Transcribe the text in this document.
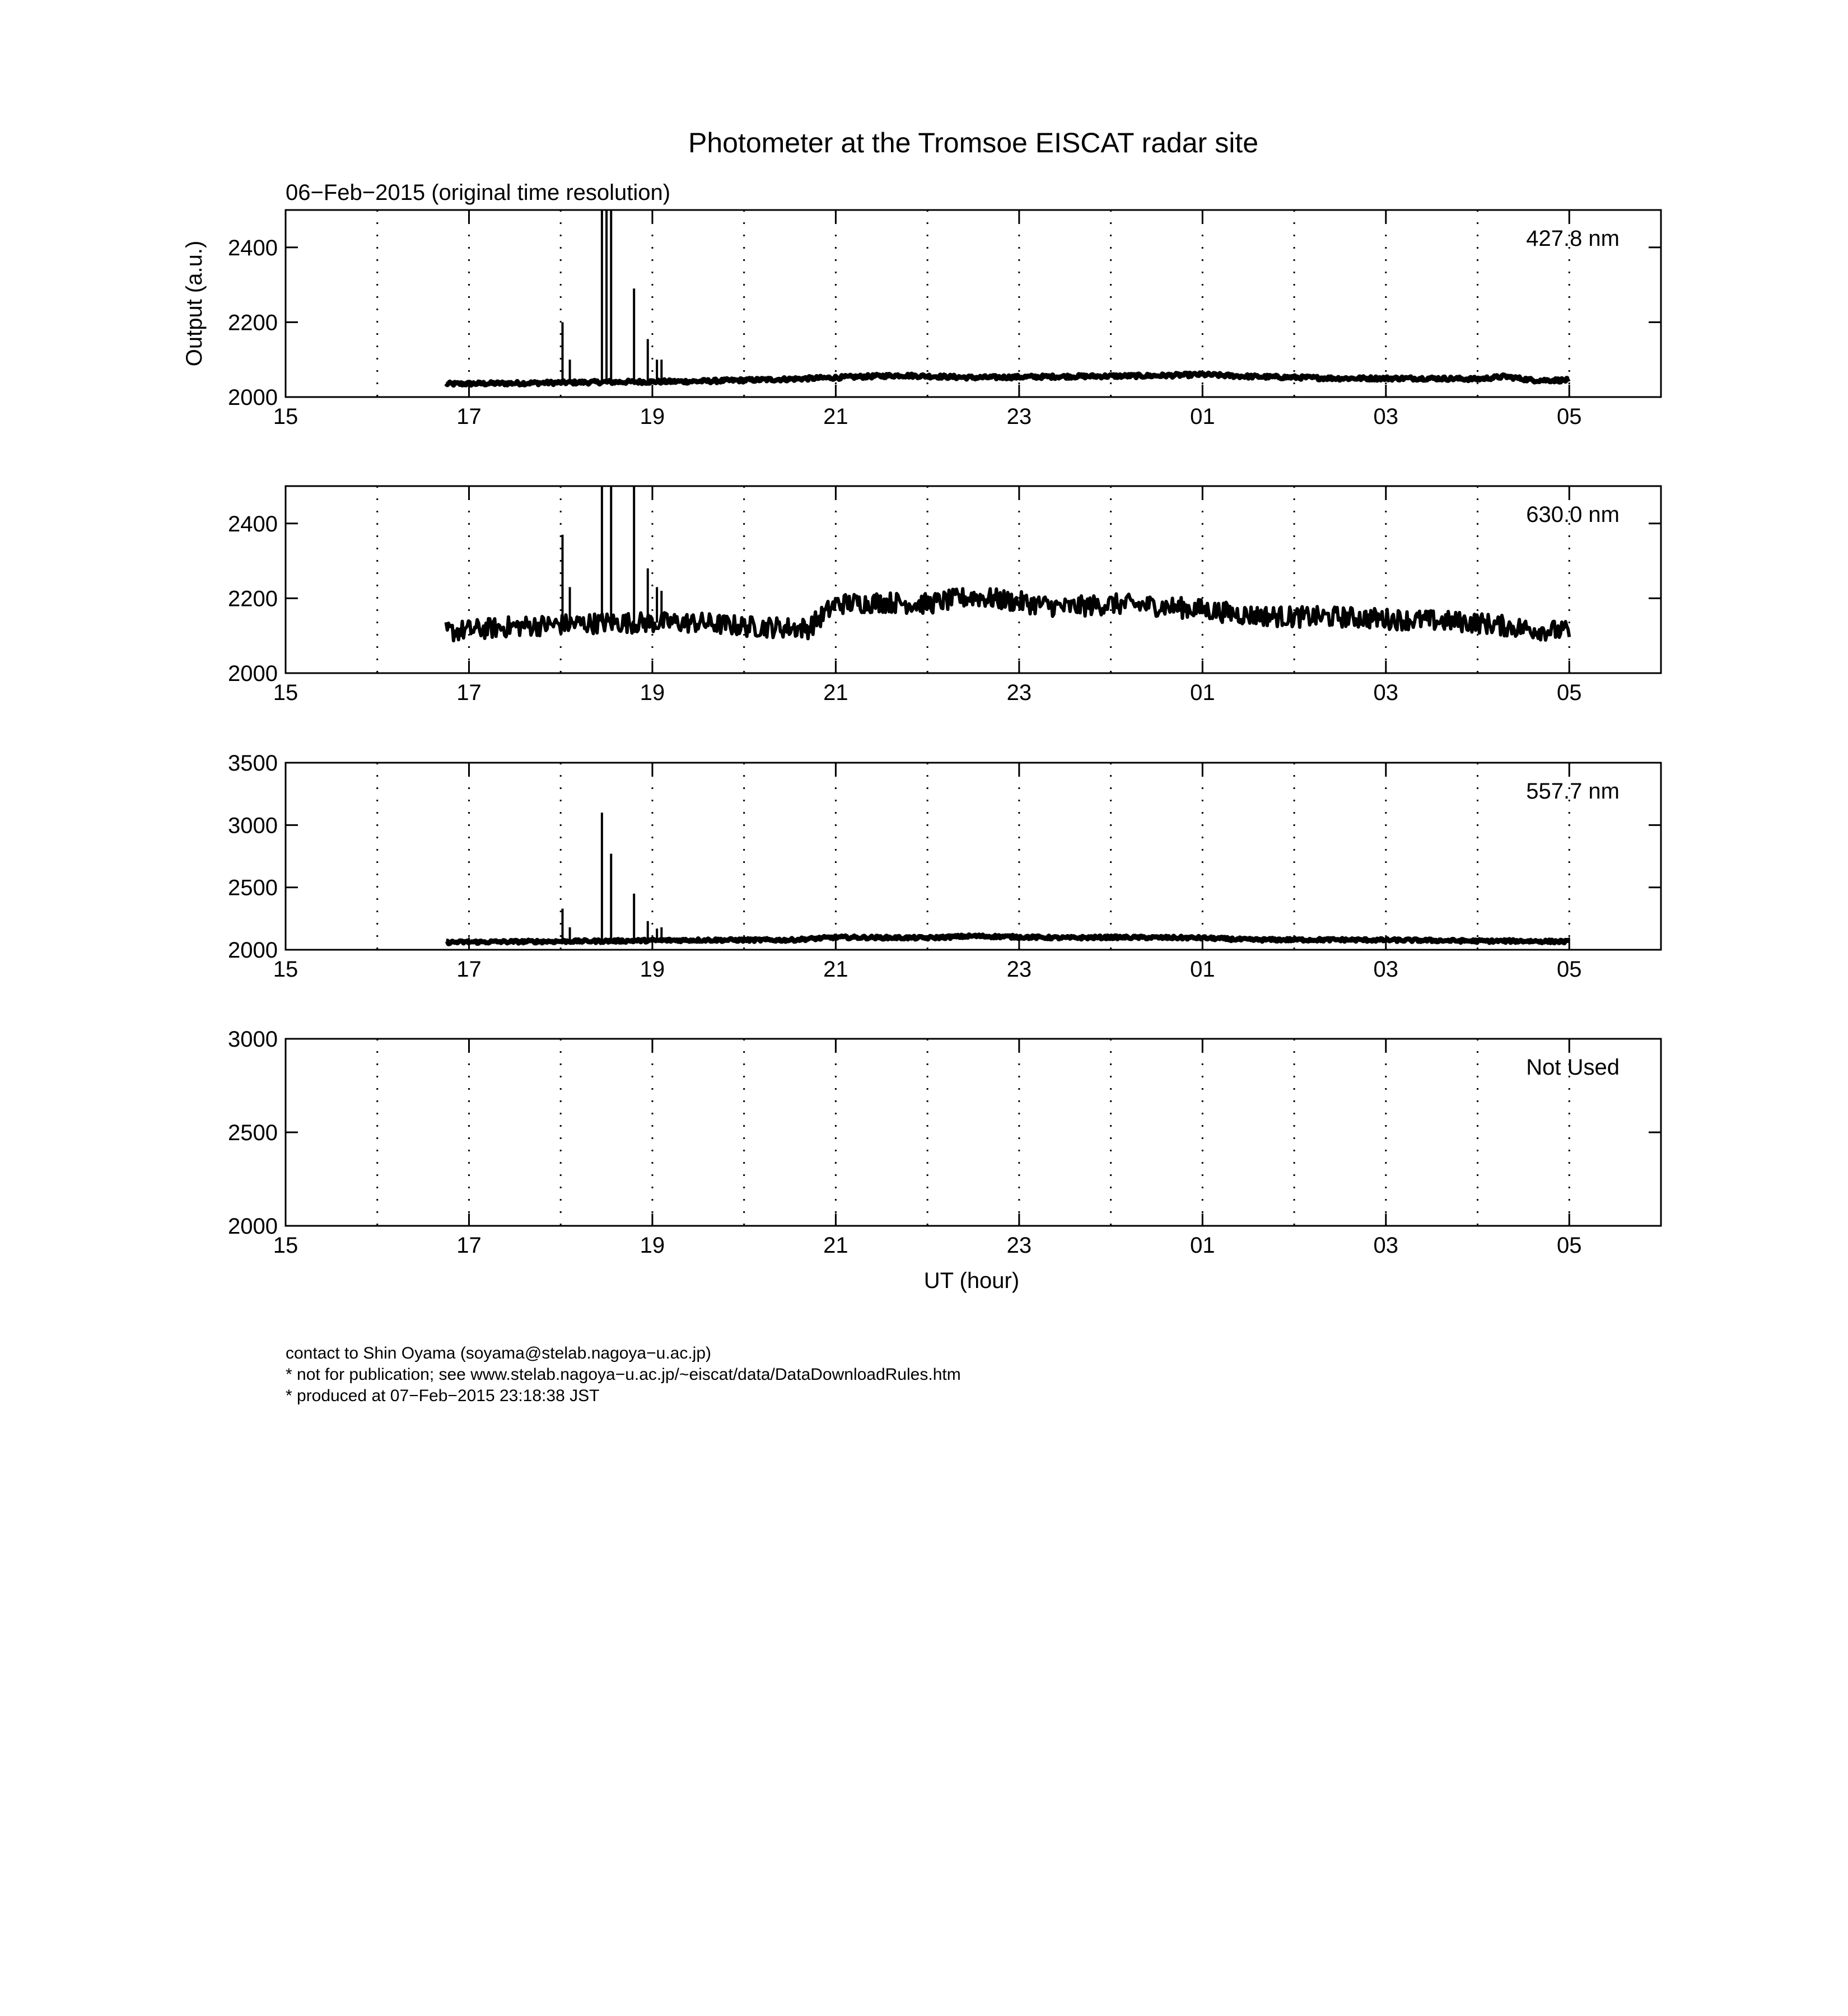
Photometer at the Tromsoe EISCAT radar site
06−Feb−2015 (original time resolution)
Output (a.u.)
15	17	19	21	23	01	03	05
2000
2200
2400	427.8 nm
15	17	19	21	23	01	03	05
2000
2200
2400	630.0 nm
15	17	19	21	23	01	03	05
2000
2500
3000
3500
557.7 nm
15	17	19	21	23	01	03	05
2000
2500
3000
Not Used
UT (hour)
contact to Shin Oyama (soyama@stelab.nagoya−u.ac.jp)
* not for publication; see www.stelab.nagoya−u.ac.jp/~eiscat/data/DataDownloadRules.htm
* produced at 07−Feb−2015 23:18:38 JST
